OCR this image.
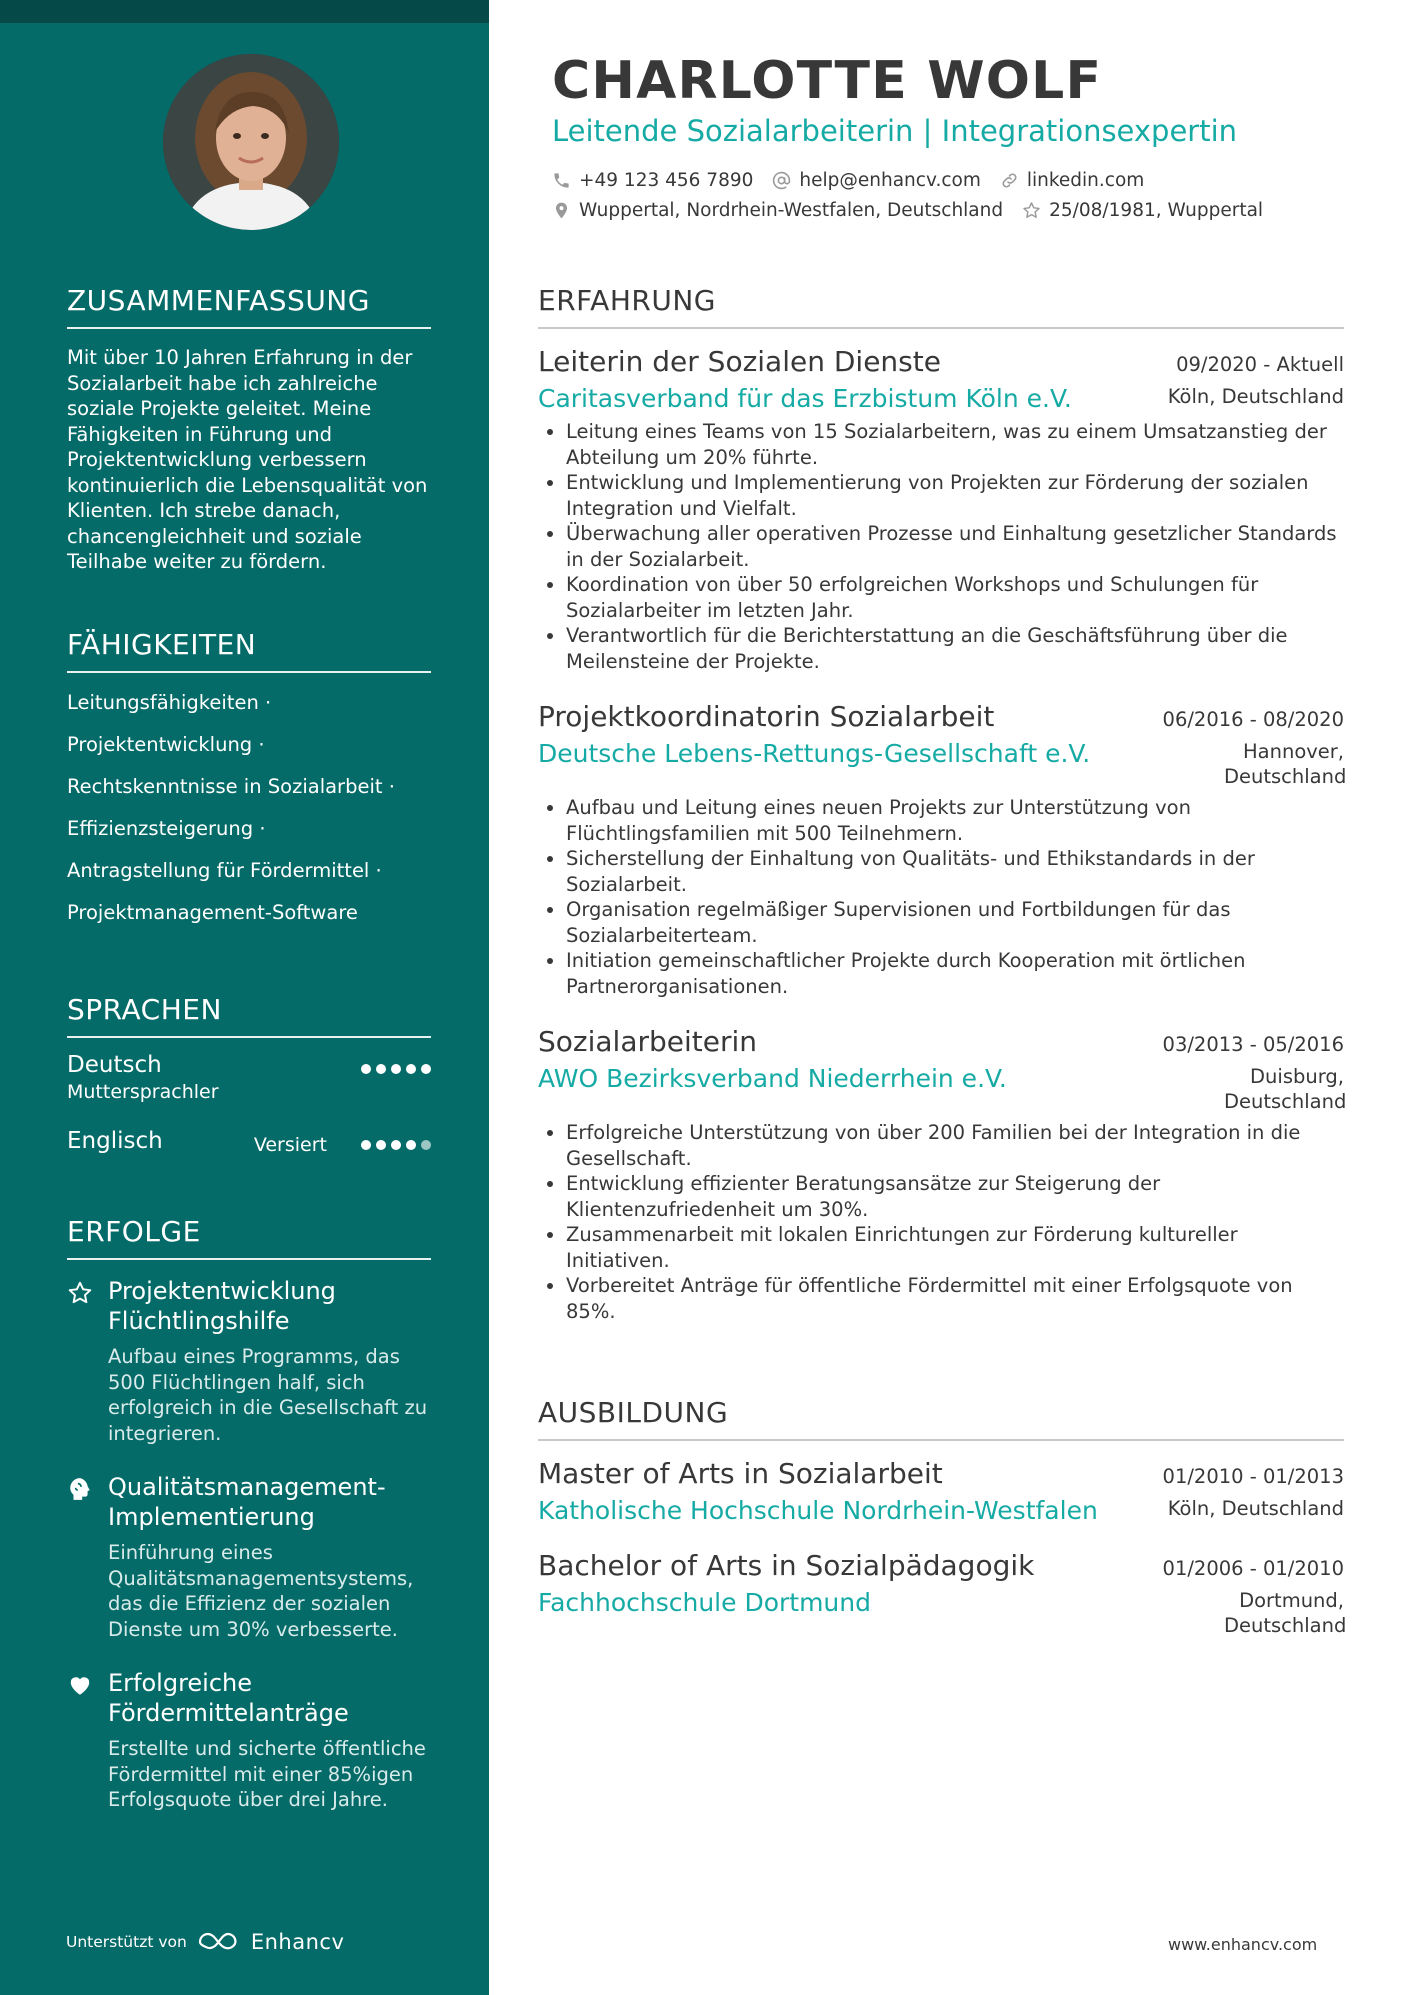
ZUSAMMENFASSUNG
Mit über 10 Jahren Erfahrung in der Sozialarbeit habe ich zahlreiche soziale Projekte geleitet. Meine Fähigkeiten in Führung und Projektentwicklung verbessern kontinuierlich die Lebensqualität von Klienten. Ich strebe danach, chancengleichheit und soziale Teilhabe weiter zu fördern.
FÄHIGKEITEN
Leitungsfähigkeiten ·
Projektentwicklung ·
Rechtskenntnisse in Sozialarbeit ·
Effizienzsteigerung ·
Antragstellung für Fördermittel ·
Projektmanagement-Software
SPRACHEN
Deutsch
Muttersprachler
Englisch	Versiert
ERFOLGE
Projektentwicklung Flüchtlingshilfe
Aufbau eines Programms, das 500 Flüchtlingen half, sich erfolgreich in die Gesellschaft zu integrieren.
Qualitätsmanagement-Implementierung
Einführung eines Qualitätsmanagementsystems, das die Effizienz der sozialen Dienste um 30% verbesserte.
Erfolgreiche Fördermittelanträge
Erstellte und sicherte öffentliche Fördermittel mit einer 85%igen Erfolgsquote über drei Jahre.
Unterstützt von	Enhancv
CHARLOTTE WOLF
Leitende Sozialarbeiterin | Integrationsexpertin
+49 123 456 7890 help@enhancv.com linkedin.com
Wuppertal, Nordrhein-Westfalen, Deutschland 25/08/1981, Wuppertal
ERFAHRUNG
Leiterin der Sozialen Dienste	09/2020 - Aktuell
Caritasverband für das Erzbistum Köln e.V.	Köln, Deutschland
• Leitung eines Teams von 15 Sozialarbeitern, was zu einem Umsatzanstieg der Abteilung um 20% führte.
• Entwicklung und Implementierung von Projekten zur Förderung der sozialen Integration und Vielfalt.
• Überwachung aller operativen Prozesse und Einhaltung gesetzlicher Standards in der Sozialarbeit.
• Koordination von über 50 erfolgreichen Workshops und Schulungen für Sozialarbeiter im letzten Jahr.
• Verantwortlich für die Berichterstattung an die Geschäftsführung über die Meilensteine der Projekte.
Projektkoordinatorin Sozialarbeit	06/2016 - 08/2020
Deutsche Lebens-Rettungs-Gesellschaft e.V.	Hannover, Deutschland
• Aufbau und Leitung eines neuen Projekts zur Unterstützung von Flüchtlingsfamilien mit 500 Teilnehmern.
• Sicherstellung der Einhaltung von Qualitäts- und Ethikstandards in der Sozialarbeit.
• Organisation regelmäßiger Supervisionen und Fortbildungen für das Sozialarbeiterteam.
• Initiation gemeinschaftlicher Projekte durch Kooperation mit örtlichen Partnerorganisationen.
Sozialarbeiterin	03/2013 - 05/2016
AWO Bezirksverband Niederrhein e.V.	Duisburg, Deutschland
• Erfolgreiche Unterstützung von über 200 Familien bei der Integration in die Gesellschaft.
• Entwicklung effizienter Beratungsansätze zur Steigerung der Klientenzufriedenheit um 30%.
• Zusammenarbeit mit lokalen Einrichtungen zur Förderung kultureller Initiativen.
• Vorbereitet Anträge für öffentliche Fördermittel mit einer Erfolgsquote von 85%.
AUSBILDUNG
Master of Arts in Sozialarbeit	01/2010 - 01/2013
Katholische Hochschule Nordrhein-Westfalen	Köln, Deutschland
Bachelor of Arts in Sozialpädagogik	01/2006 - 01/2010
Fachhochschule Dortmund	Dortmund, Deutschland
www.enhancv.com
